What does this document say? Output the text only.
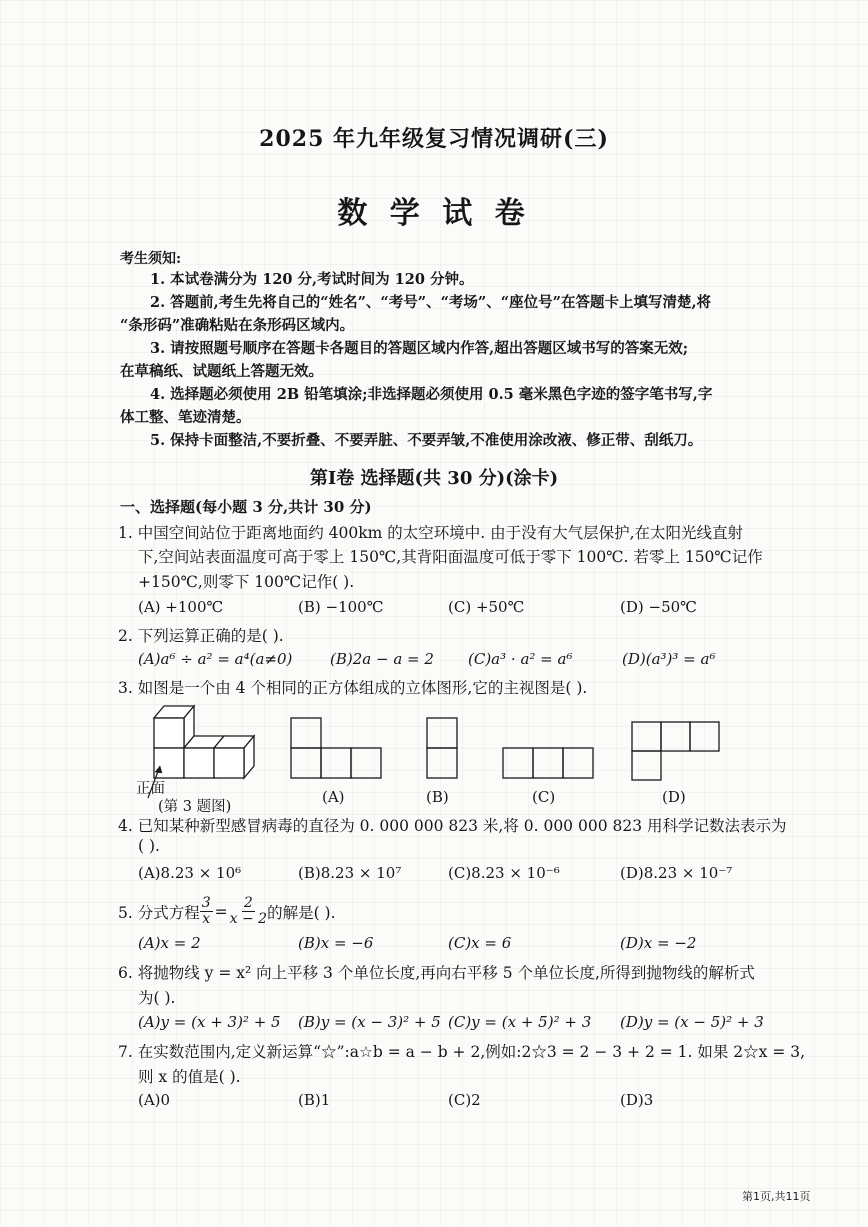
2025 年九年级复习情况调研(三)
数 学 试 卷
考生须知:
1. 本试卷满分为 120 分,考试时间为 120 分钟。
2. 答题前,考生先将自己的“姓名”、“考号”、“考场”、“座位号”在答题卡上填写清楚,将
“条形码”准确粘贴在条形码区域内。
3. 请按照题号顺序在答题卡各题目的答题区域内作答,超出答题区域书写的答案无效;
在草稿纸、试题纸上答题无效。
4. 选择题必须使用 2B 铅笔填涂;非选择题必须使用 0.5 毫米黑色字迹的签字笔书写,字
体工整、笔迹清楚。
5. 保持卡面整洁,不要折叠、不要弄脏、不要弄皱,不准使用涂改液、修正带、刮纸刀。
第Ⅰ卷 选择题(共 30 分)(涂卡)
一、选择题(每小题 3 分,共计 30 分)
1. 中国空间站位于距离地面约 400km 的太空环境中. 由于没有大气层保护,在太阳光线直射
下,空间站表面温度可高于零上 150℃,其背阳面温度可低于零下 100℃. 若零上 150℃记作
+150℃,则零下 100℃记作( ).
(A) +100℃	(B) −100℃	(C) +50℃	(D) −50℃
2. 下列运算正确的是( ).
(A)a⁶ ÷ a² = a⁴(a≠0)	(B)2a − a = 2 (C)a³ · a² = a⁶	(D)(a³)³ = a⁶
3. 如图是一个由 4 个相同的正方体组成的立体图形,它的主视图是( ).
正面
(第 3 题图)
(A)	(B)	(C)	(D)
4. 已知某种新型感冒病毒的直径为 0. 000 000 823 米,将 0. 000 000 823 用科学记数法表示为
( ).
(A)8.23 × 10⁶	(B)8.23 × 10⁷	(C)8.23 × 10⁻⁶	(D)8.23 × 10⁻⁷
5. 分式方程 $\frac{3}{x} = \frac{2}{x - 2}$ 的解是( ).
(A)x = 2	(B)x = −6	(C)x = 6	(D)x = −2
6. 将抛物线 y = x² 向上平移 3 个单位长度,再向右平移 5 个单位长度,所得到抛物线的解析式
为( ).
(A)y = (x + 3)² + 5 (B)y = (x − 3)² + 5 (C)y = (x + 5)² + 3 (D)y = (x − 5)² + 3
7. 在实数范围内,定义新运算“☆”:a☆b = a − b + 2,例如:2☆3 = 2 − 3 + 2 = 1. 如果 2☆x = 3,
则 x 的值是( ).
(A)0	(B)1	(C)2	(D)3
第1页,共11页
